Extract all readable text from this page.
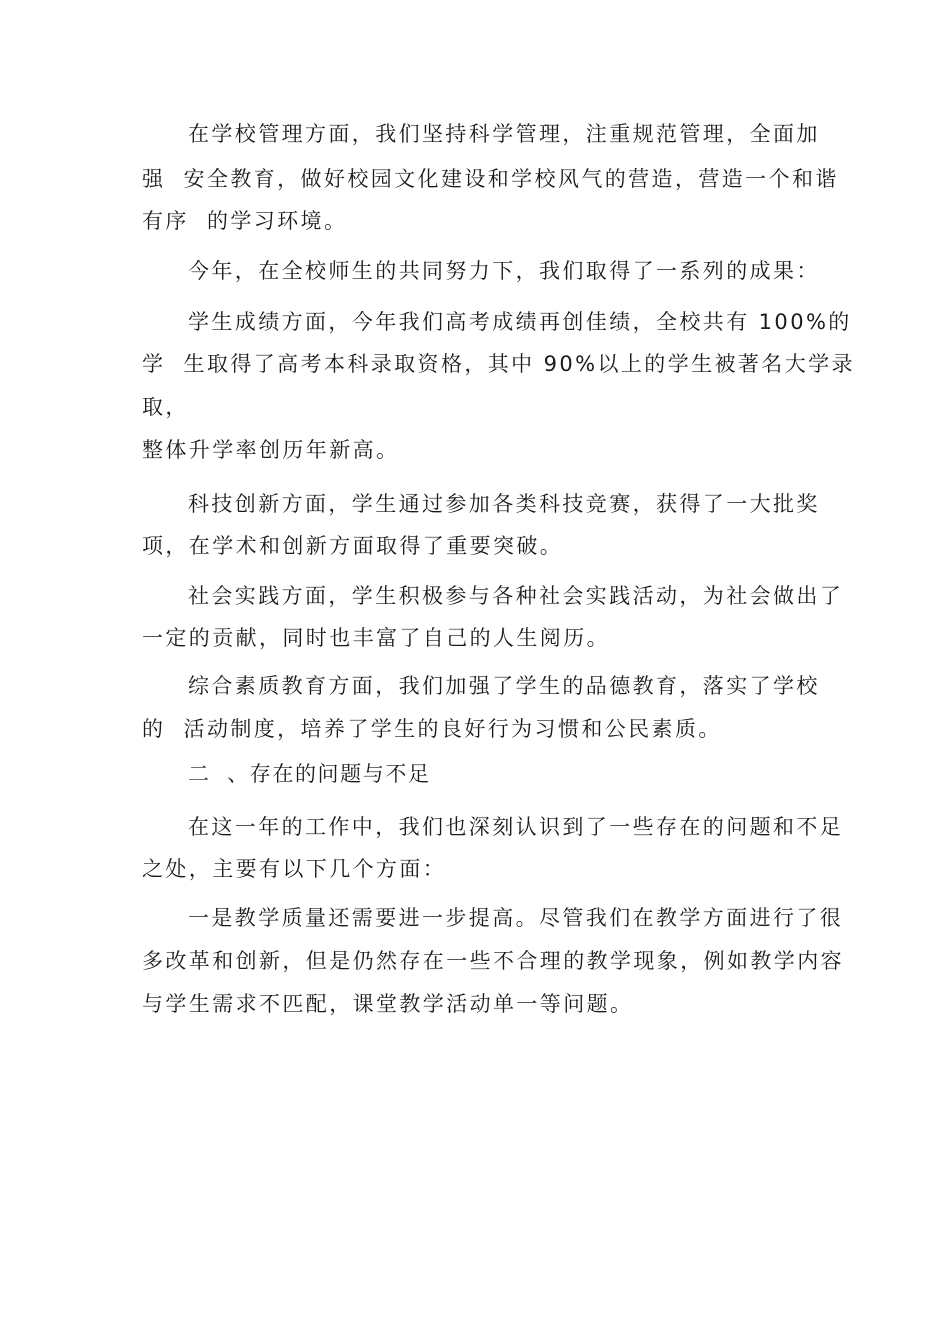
在学校管理方面，我们坚持科学管理，注重规范管理，全面加
强  安全教育，做好校园文化建设和学校风气的营造，营造一个和谐
有序  的学习环境。
今年，在全校师生的共同努力下，我们取得了一系列的成果：
学生成绩方面，今年我们高考成绩再创佳绩，全校共有 100%的
学  生取得了高考本科录取资格，其中 90%以上的学生被著名大学录
取，
整体升学率创历年新高。
科技创新方面，学生通过参加各类科技竞赛，获得了一大批奖
项，在学术和创新方面取得了重要突破。
社会实践方面，学生积极参与各种社会实践活动，为社会做出了
一定的贡献，同时也丰富了自己的人生阅历。
综合素质教育方面，我们加强了学生的品德教育，落实了学校
的  活动制度，培养了学生的良好行为习惯和公民素质。
二  、存在的问题与不足
在这一年的工作中，我们也深刻认识到了一些存在的问题和不足
之处，主要有以下几个方面：
一是教学质量还需要进一步提高。尽管我们在教学方面进行了很
多改革和创新，但是仍然存在一些不合理的教学现象，例如教学内容
与学生需求不匹配，课堂教学活动单一等问题。
